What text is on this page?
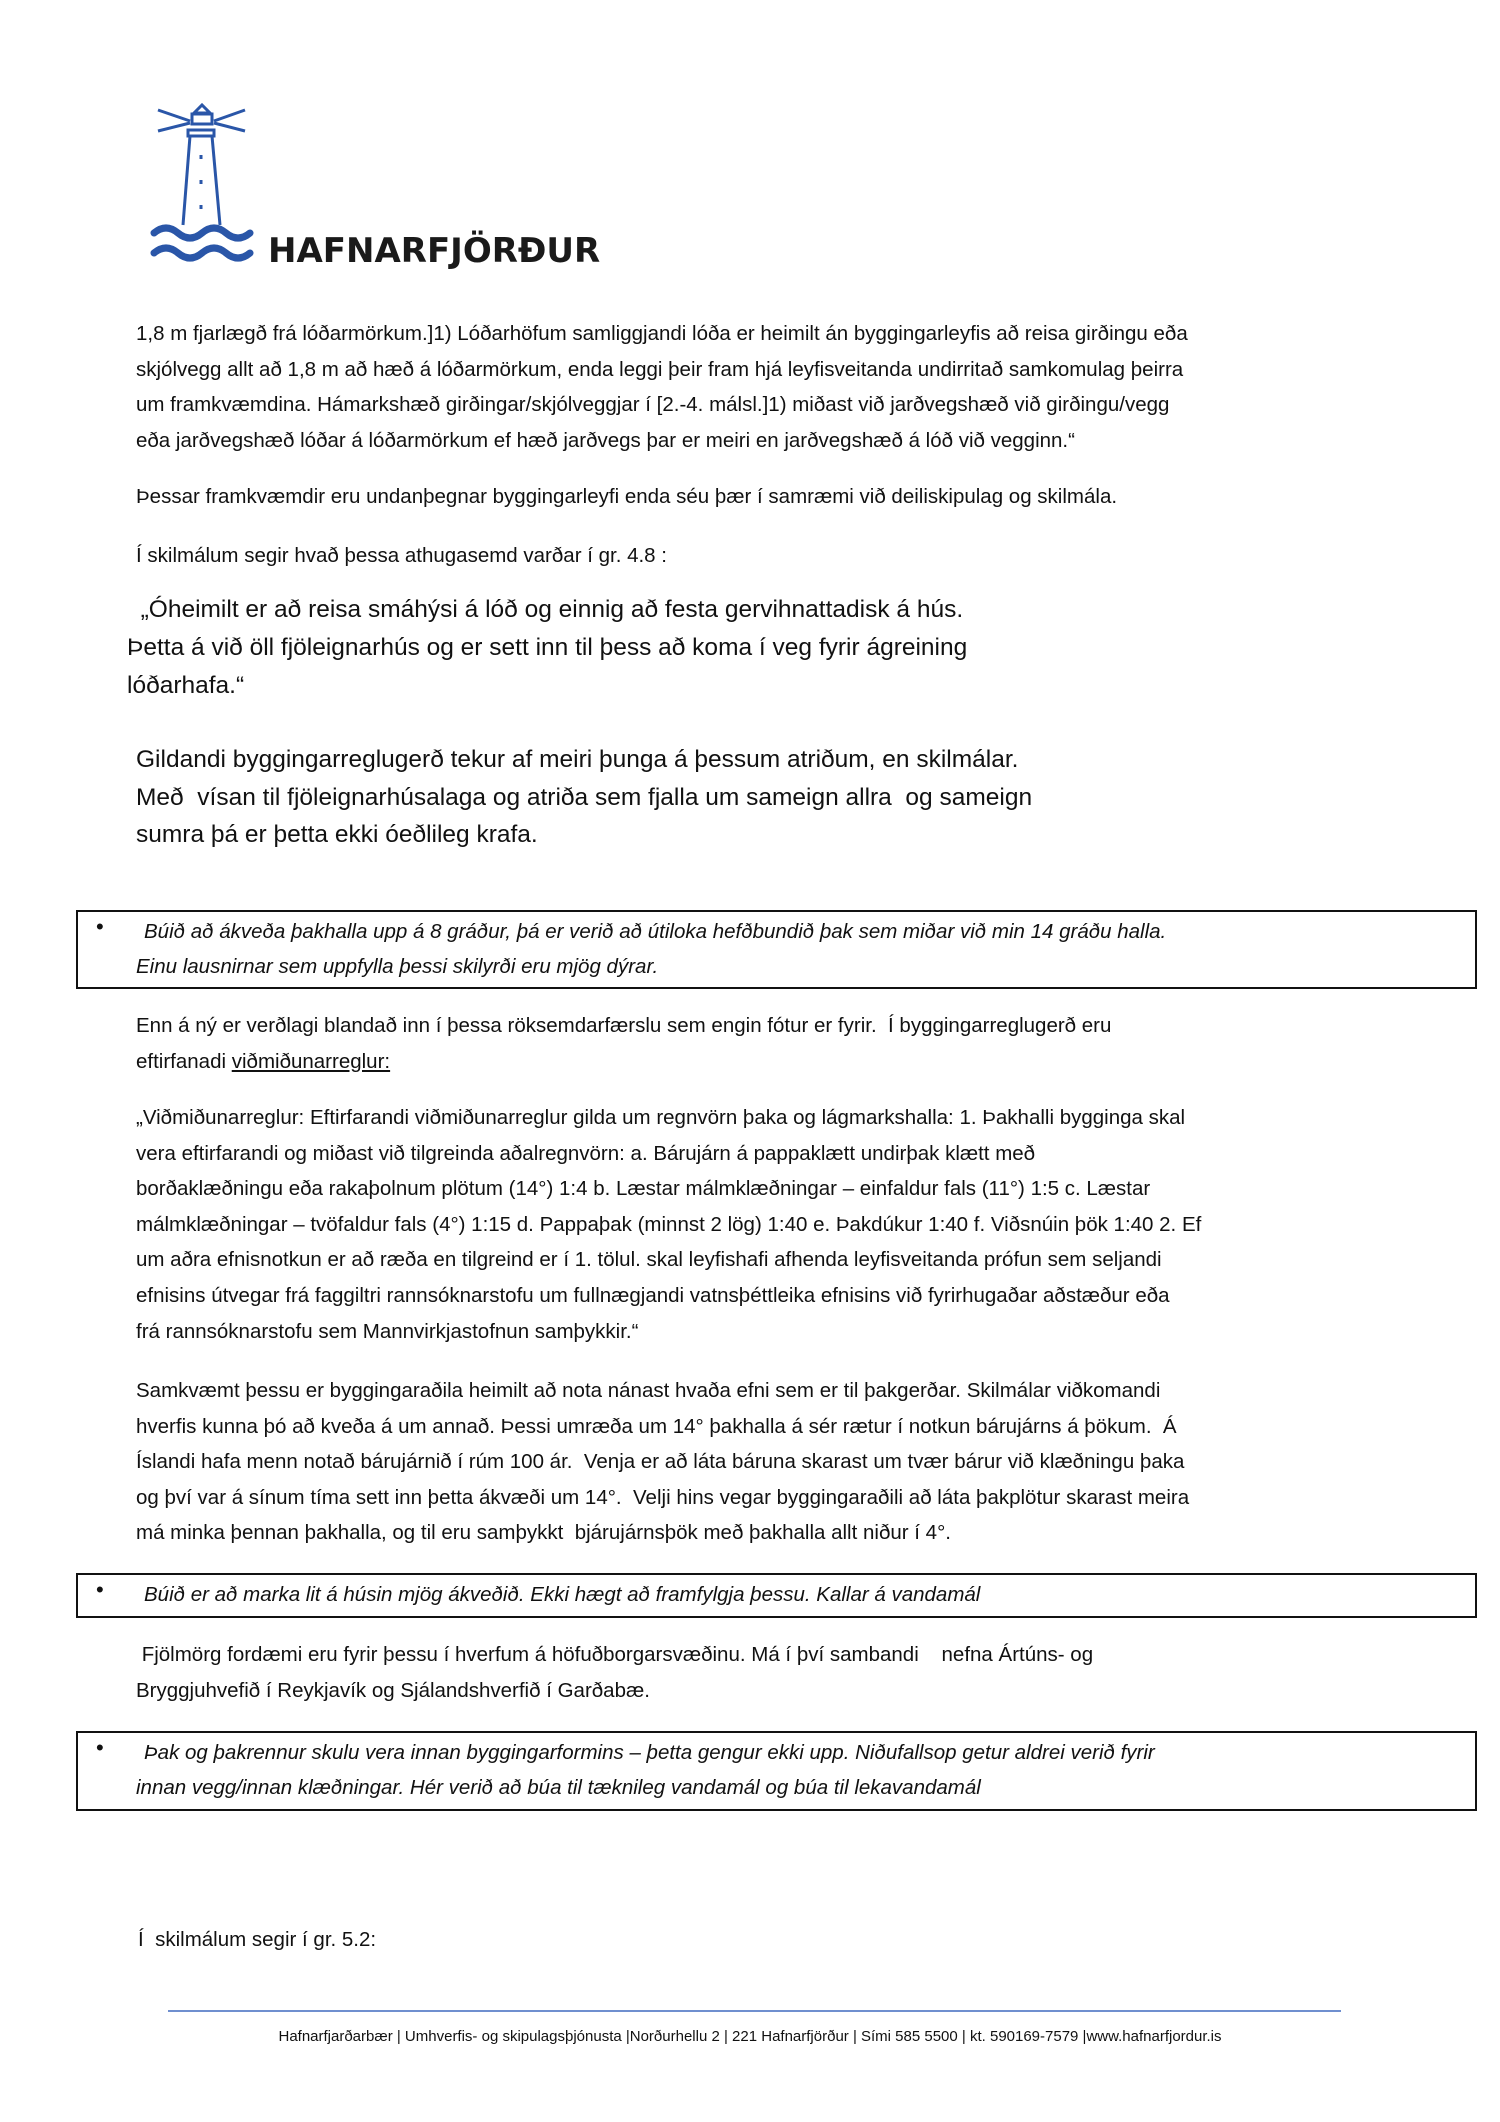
HAFNARFJÖRÐUR
1,8 m fjarlægð frá lóðarmörkum.]1) Lóðarhöfum samliggjandi lóða er heimilt án byggingarleyfis að reisa girðingu eða
skjólvegg allt að 1,8 m að hæð á lóðarmörkum, enda leggi þeir fram hjá leyfisveitanda undirritað samkomulag þeirra
um framkvæmdina. Hámarkshæð girðingar/skjólveggjar í [2.-4. málsl.]1) miðast við jarðvegshæð við girðingu/vegg
eða jarðvegshæð lóðar á lóðarmörkum ef hæð jarðvegs þar er meiri en jarðvegshæð á lóð við vegginn.“
Þessar framkvæmdir eru undanþegnar byggingarleyfi enda séu þær í samræmi við deiliskipulag og skilmála.
Í skilmálum segir hvað þessa athugasemd varðar í gr. 4.8 :
„Óheimilt er að reisa smáhýsi á lóð og einnig að festa gervihnattadisk á hús.
Þetta á við öll fjöleignarhús og er sett inn til þess að koma í veg fyrir ágreining
lóðarhafa.“
Gildandi byggingarreglugerð tekur af meiri þunga á þessum atriðum, en skilmálar.
Með  vísan til fjöleignarhúsalaga og atriða sem fjalla um sameign allra  og sameign
sumra þá er þetta ekki óeðlileg krafa.
• Búið að ákveða þakhalla upp á 8 gráður, þá er verið að útiloka hefðbundið þak sem miðar við min 14 gráðu halla.
Einu lausnirnar sem uppfylla þessi skilyrði eru mjög dýrar.
Enn á ný er verðlagi blandað inn í þessa röksemdarfærslu sem engin fótur er fyrir.  Í byggingarreglugerð eru
eftirfanadi viðmiðunarreglur:
„Viðmiðunarreglur: Eftirfarandi viðmiðunarreglur gilda um regnvörn þaka og lágmarkshalla: 1. Þakhalli bygginga skal
vera eftirfarandi og miðast við tilgreinda aðalregnvörn: a. Bárujárn á pappaklætt undirþak klætt með
borðaklæðningu eða rakaþolnum plötum (14°) 1:4 b. Læstar málmklæðningar – einfaldur fals (11°) 1:5 c. Læstar
málmklæðningar – tvöfaldur fals (4°) 1:15 d. Pappaþak (minnst 2 lög) 1:40 e. Þakdúkur 1:40 f. Viðsnúin þök 1:40 2. Ef
um aðra efnisnotkun er að ræða en tilgreind er í 1. tölul. skal leyfishafi afhenda leyfisveitanda prófun sem seljandi
efnisins útvegar frá faggiltri rannsóknarstofu um fullnægjandi vatnsþéttleika efnisins við fyrirhugaðar aðstæður eða
frá rannsóknarstofu sem Mannvirkjastofnun samþykkir.“
Samkvæmt þessu er byggingaraðila heimilt að nota nánast hvaða efni sem er til þakgerðar. Skilmálar viðkomandi
hverfis kunna þó að kveða á um annað. Þessi umræða um 14° þakhalla á sér rætur í notkun bárujárns á þökum.  Á
Íslandi hafa menn notað bárujárnið í rúm 100 ár.  Venja er að láta báruna skarast um tvær bárur við klæðningu þaka
og því var á sínum tíma sett inn þetta ákvæði um 14°.  Velji hins vegar byggingaraðili að láta þakplötur skarast meira
má minka þennan þakhalla, og til eru samþykkt  bjárujárnsþök með þakhalla allt niður í 4°.
• Búið er að marka lit á húsin mjög ákveðið. Ekki hægt að framfylgja þessu. Kallar á vandamál
Fjölmörg fordæmi eru fyrir þessu í hverfum á höfuðborgarsvæðinu. Má í því sambandi    nefna Ártúns- og
Bryggjuhvefið í Reykjavík og Sjálandshverfið í Garðabæ.
• Þak og þakrennur skulu vera innan byggingarformins – þetta gengur ekki upp. Niðufallsop getur aldrei verið fyrir
innan vegg/innan klæðningar. Hér verið að búa til tæknileg vandamál og búa til lekavandamál
Í  skilmálum segir í gr. 5.2:
Hafnarfjarðarbær | Umhverfis- og skipulagsþjónusta |Norðurhellu 2 | 221 Hafnarfjörður | Sími 585 5500 | kt. 590169-7579 |www.hafnarfjordur.is
